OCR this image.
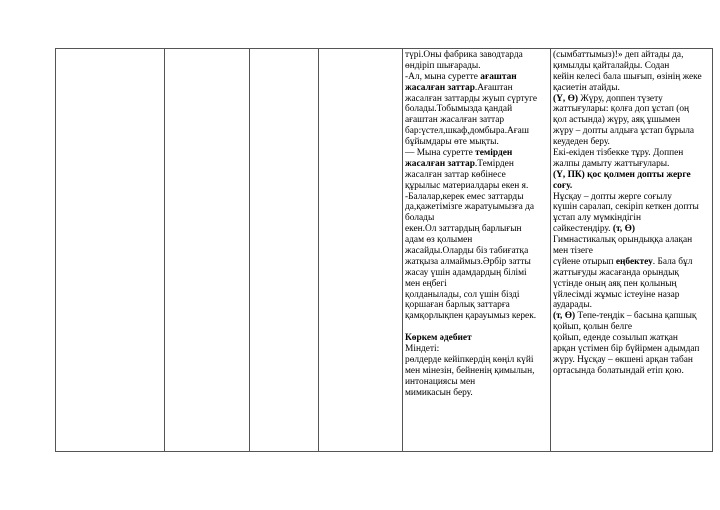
түрі.Оны фабрика заводтарда
өндіріп шығарады.
-Ал, мына суретте ағаштан
жасалған заттар.Ағаштан
жасалған заттарды жуып сүртуге
болады.Тобымызда қандай
ағаштан жасалған заттар
бар:үстел,шкаф,домбыра.Ағаш
бұйымдары өте мықты.
— Мына суретте темірден
жасалған заттар.Темірден
жасалған заттар көбінесе
құрылыс материалдары екен я.
-Балалар,керек емес заттарды
да,қажетімізге жаратуымызға да
болады
екен.Ол заттардың барлығын
адам өз қолымен
жасайды.Оларды біз табиғатқа
жатқызa алмаймыз.Әрбір затты
жасау үшін адамдардың білімі
мен еңбегі
қолданылады, сол үшін бізді
қоршаған барлық заттарға
қамқорлықпен қарауымыз керек.
Көркем әдебиет
Міндеті:
рөлдерде кейіпкердің көңіл күйі
мен мінезін, бейненің қимылын,
интонациясы мен
мимикасын беру.

(сымбаттымыз)!» деп айтады да,
қимылды қайталайды. Содан
кейін келесі бала шығып, өзінің жеке
қасиетін атайды.
(Ү, Ө) Жүру, доппен түзету
жаттығулары: қолға доп ұстап (оң
қол астында) жүру, аяқ ұшымен
жүру – допты алдыға ұстап бұрыла
кеудеден беру.
Екі-екіден тізбекке тұру. Доппен
жалпы дамыту жаттығулары.
(Ү, ПК) қос қолмен допты жерге
соғу.
Нұсқау – допты жерге соғылу
күшін саралап, секіріп кеткен допты
ұстап алу мүмкіндігін
сәйкестендіру. (т, Ө)
Гимнастикалық орындыққа алақан
мен тізеге
сүйене отырып еңбектеу. Бала бұл
жаттығуды жасағанда орындық
үстінде оның аяқ пен қолының
үйлесімді жұмыс істеуіне назар
аударады.
(т, Ө) Тепе-теңдік – басына қапшық
қойып, қолын белге
қойып, еденде созылып жатқан
арқан үстімен бір бүйірмен адымдап
жүру. Нұсқау – өкшені арқан табан
ортасында болатындай етіп қою.
